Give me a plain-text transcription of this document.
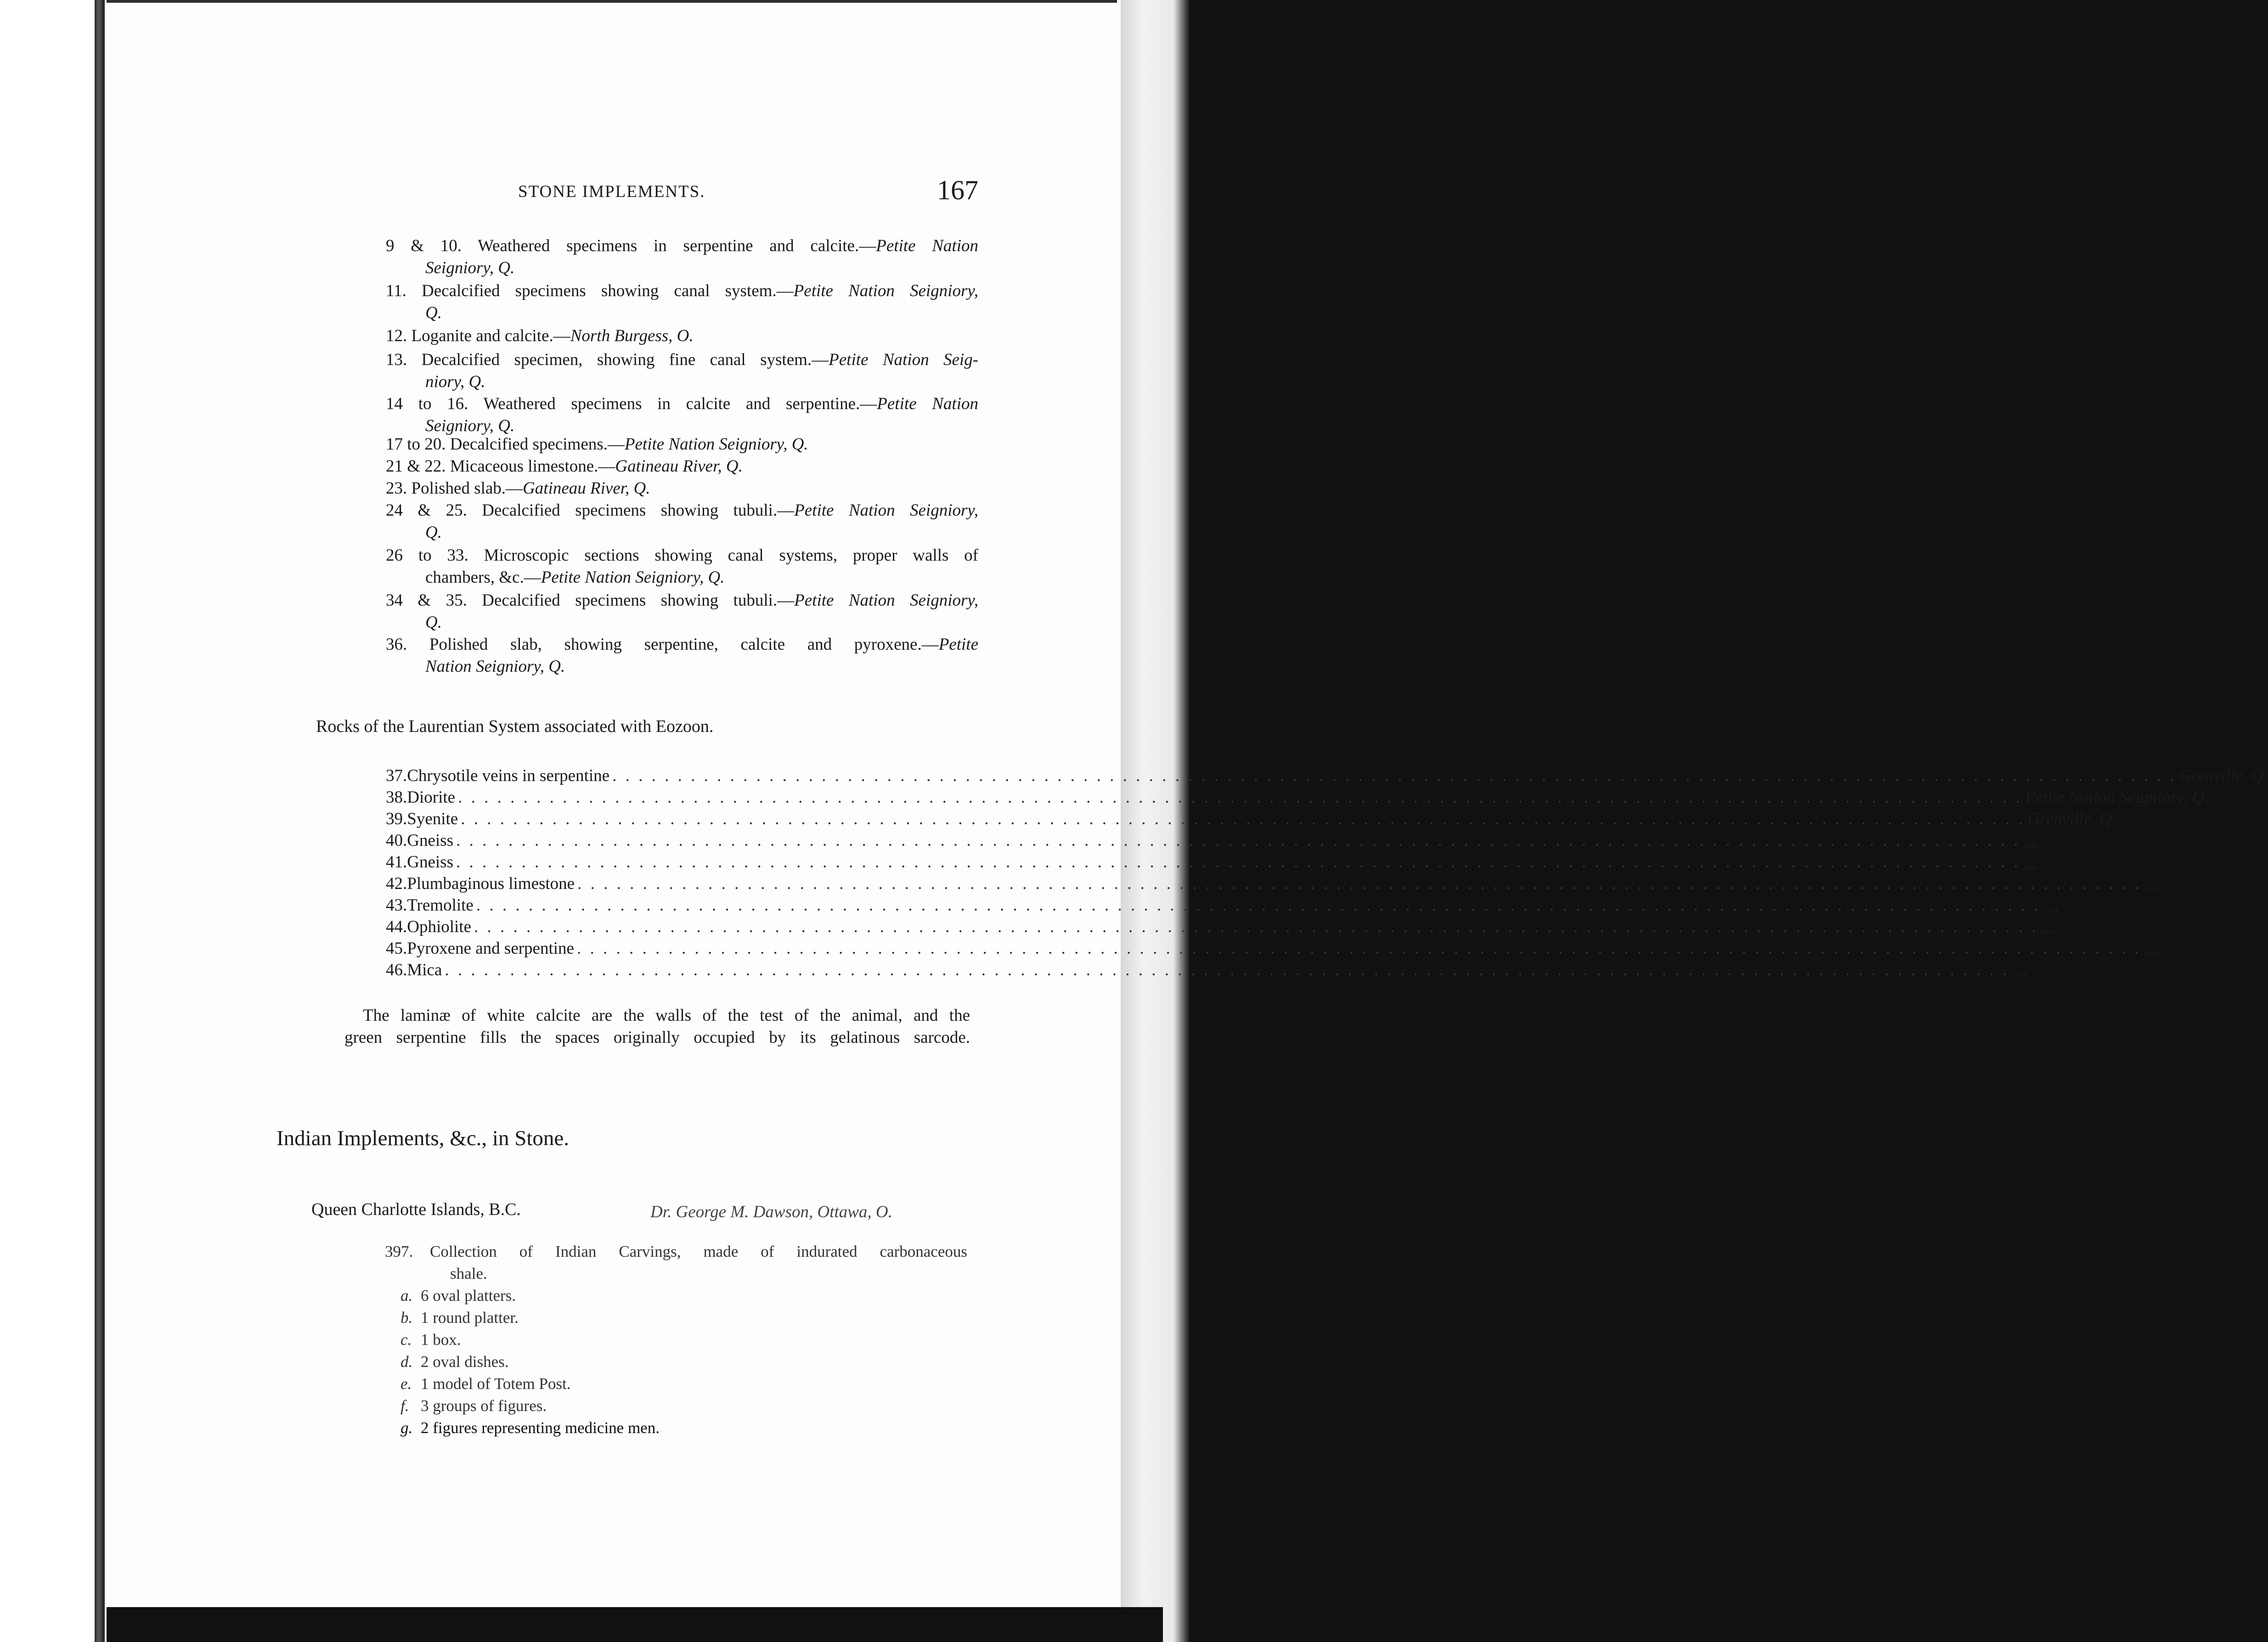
STONE IMPLEMENTS.	167
9 & 10. Weathered specimens in serpentine and calcite.—Petite Nation
Seigniory, Q.
11. Decalcified specimens showing canal system.—Petite Nation Seigniory,
Q.
12. Loganite and calcite.—North Burgess, O.
13. Decalcified specimen, showing fine canal system.—Petite Nation Seig-
niory, Q.
14 to 16. Weathered specimens in calcite and serpentine.—Petite Nation
Seigniory, Q.
17 to 20. Decalcified specimens.—Petite Nation Seigniory, Q.
21 & 22. Micaceous limestone.—Gatineau River, Q.
23. Polished slab.—Gatineau River, Q.
24 & 25. Decalcified specimens showing tubuli.—Petite Nation Seigniory,
Q.
26 to 33. Microscopic sections showing canal systems, proper walls of
chambers, &c.—Petite Nation Seigniory, Q.
34 & 35. Decalcified specimens showing tubuli.—Petite Nation Seigniory,
Q.
36. Polished slab, showing serpentine, calcite and pyroxene.—Petite
Nation Seigniory, Q.
Rocks of the Laurentian System associated with Eozoon.
37. Chrysotile veins in serpentine . . . . . . . . . . . . . . . . . . . . . . . . . . . . . . . . . . . . . . . . . . . . . . . . . . . . . . . . . . . . . . . . . . . . . . . . . . . . . . . . . . . . . . . . . . . . . . . . . . . . . . . . . . . . . . . . . . . . . . . . Grenville, Q.
38. Diorite . . . . . . . . . . . . . . . . . . . . . . . . . . . . . . . . . . . . . . . . . . . . . . . . . . . . . . . . . . . . . . . . . . . . . . . . . . . . . . . . . . . . . . . . . . . . . . . . . . . . . . . . . . . . . . . . . . . . . . . . Petite Nation Seigniory, Q.
39. Syenite . . . . . . . . . . . . . . . . . . . . . . . . . . . . . . . . . . . . . . . . . . . . . . . . . . . . . . . . . . . . . . . . . . . . . . . . . . . . . . . . . . . . . . . . . . . . . . . . . . . . . . . . . . . . . . . . . . . . . . . . Grenville, Q.
40. Gneiss . . . . . . . . . . . . . . . . . . . . . . . . . . . . . . . . . . . . . . . . . . . . . . . . . . . . . . . . . . . . . . . . . . . . . . . . . . . . . . . . . . . . . . . . . . . . . . . . . . . . . . . . . . . . . . . . . . . . . . . . „ „
41. Gneiss . . . . . . . . . . . . . . . . . . . . . . . . . . . . . . . . . . . . . . . . . . . . . . . . . . . . . . . . . . . . . . . . . . . . . . . . . . . . . . . . . . . . . . . . . . . . . . . . . . . . . . . . . . . . . . . . . . . . . . . . „ „
42. Plumbaginous limestone . . . . . . . . . . . . . . . . . . . . . . . . . . . . . . . . . . . . . . . . . . . . . . . . . . . . . . . . . . . . . . . . . . . . . . . . . . . . . . . . . . . . . . . . . . . . . . . . . . . . . . . . . . . . . . . . . . . . . . . . „ „
43. Tremolite . . . . . . . . . . . . . . . . . . . . . . . . . . . . . . . . . . . . . . . . . . . . . . . . . . . . . . . . . . . . . . . . . . . . . . . . . . . . . . . . . . . . . . . . . . . . . . . . . . . . . . . . . . . . . . . . . . . . . . . . „ „
44. Ophiolite . . . . . . . . . . . . . . . . . . . . . . . . . . . . . . . . . . . . . . . . . . . . . . . . . . . . . . . . . . . . . . . . . . . . . . . . . . . . . . . . . . . . . . . . . . . . . . . . . . . . . . . . . . . . . . . . . . . . . . . . „ „
45. Pyroxene and serpentine . . . . . . . . . . . . . . . . . . . . . . . . . . . . . . . . . . . . . . . . . . . . . . . . . . . . . . . . . . . . . . . . . . . . . . . . . . . . . . . . . . . . . . . . . . . . . . . . . . . . . . . . . . . . . . . . . . . . . . . . „ „
46. Mica . . . . . . . . . . . . . . . . . . . . . . . . . . . . . . . . . . . . . . . . . . . . . . . . . . . . . . . . . . . . . . . . . . . . . . . . . . . . . . . . . . . . . . . . . . . . . . . . . . . . . . . . . . . . . . . . . . . . . . . . „ „
The laminæ of white calcite are the walls of the test of the animal, and the
green serpentine fills the spaces originally occupied by its gelatinous sarcode.
Indian Implements, &c., in Stone.
Queen Charlotte Islands, B.C.	Dr. George M. Dawson, Ottawa, O.
397. Collection of Indian Carvings, made of indurated carbonaceous
shale.
a. 6 oval platters.
b. 1 round platter.
c. 1 box.
d. 2 oval dishes.
e. 1 model of Totem Post.
f. 3 groups of figures.
g. 2 figures representing medicine men.
